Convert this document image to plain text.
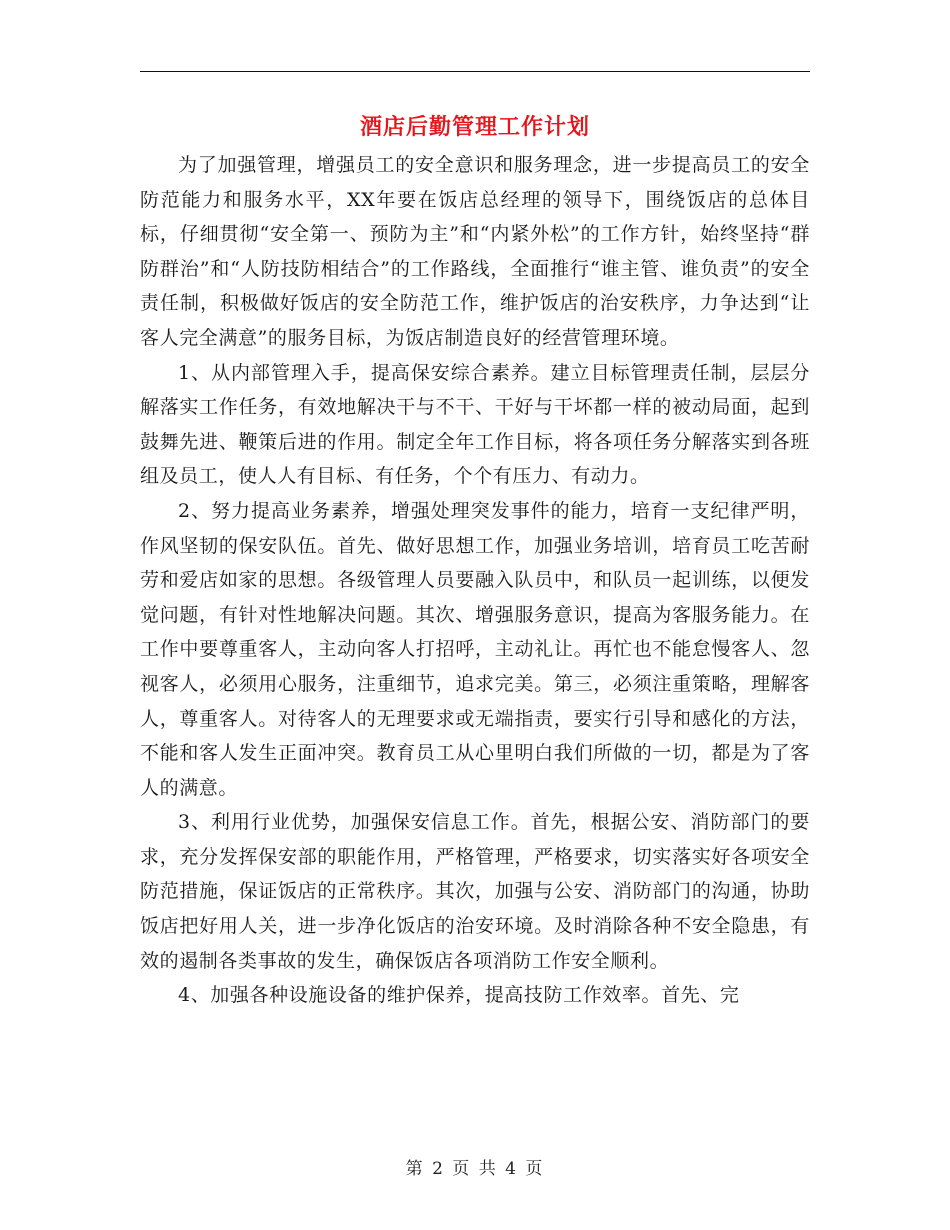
酒店后勤管理工作计划

为了加强管理，增强员工的安全意识和服务理念，进一步提高员工的安全防范能力和服务水平，XX年要在饭店总经理的领导下，围绕饭店的总体目标，仔细贯彻“安全第一、预防为主”和“内紧外松”的工作方针，始终坚持“群防群治”和“人防技防相结合”的工作路线，全面推行“谁主管、谁负责”的安全责任制，积极做好饭店的安全防范工作，维护饭店的治安秩序，力争达到“让客人完全满意”的服务目标，为饭店制造良好的经营管理环境。

1、从内部管理入手，提高保安综合素养。建立目标管理责任制，层层分解落实工作任务，有效地解决干与不干、干好与干坏都一样的被动局面，起到鼓舞先进、鞭策后进的作用。制定全年工作目标，将各项任务分解落实到各班组及员工，使人人有目标、有任务，个个有压力、有动力。

2、努力提高业务素养，增强处理突发事件的能力，培育一支纪律严明，作风坚韧的保安队伍。首先、做好思想工作，加强业务培训，培育员工吃苦耐劳和爱店如家的思想。各级管理人员要融入队员中，和队员一起训练，以便发觉问题，有针对性地解决问题。其次、增强服务意识，提高为客服务能力。在工作中要尊重客人，主动向客人打招呼，主动礼让。再忙也不能怠慢客人、忽视客人，必须用心服务，注重细节，追求完美。第三，必须注重策略，理解客人，尊重客人。对待客人的无理要求或无端指责，要实行引导和感化的方法，不能和客人发生正面冲突。教育员工从心里明白我们所做的一切，都是为了客人的满意。

3、利用行业优势，加强保安信息工作。首先，根据公安、消防部门的要求，充分发挥保安部的职能作用，严格管理，严格要求，切实落实好各项安全防范措施，保证饭店的正常秩序。其次，加强与公安、消防部门的沟通，协助饭店把好用人关，进一步净化饭店的治安环境。及时消除各种不安全隐患，有效的遏制各类事故的发生，确保饭店各项消防工作安全顺利。

4、加强各种设施设备的维护保养，提高技防工作效率。首先、完

第 2 页 共 4 页
